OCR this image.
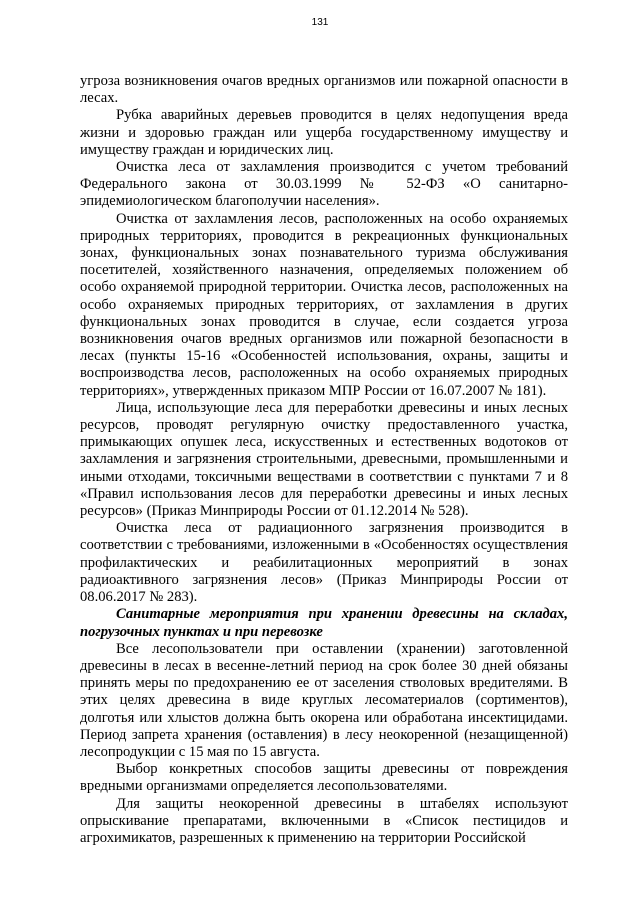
131

угроза возникновения очагов вредных организмов или пожарной опасности в лесах.

Рубка аварийных деревьев проводится в целях недопущения вреда жизни и здоровью граждан или ущерба государственному имуществу и имуществу граждан и юридических лиц.

Очистка леса от захламления производится с учетом требований Федерального закона от 30.03.1999 № 52-ФЗ «О санитарно-эпидемиологическом благополучии населения».

Очистка от захламления лесов, расположенных на особо охраняемых природных территориях, проводится в рекреационных функциональных зонах, функциональных зонах познавательного туризма обслуживания посетителей, хозяйственного назначения, определяемых положением об особо охраняемой природной территории. Очистка лесов, расположенных на особо охраняемых природных территориях, от захламления в других функциональных зонах проводится в случае, если создается угроза возникновения очагов вредных организмов или пожарной безопасности в лесах (пункты 15-16 «Особенностей использования, охраны, защиты и воспроизводства лесов, расположенных на особо охраняемых природных территориях», утвержденных приказом МПР России от 16.07.2007 № 181).

Лица, использующие леса для переработки древесины и иных лесных ресурсов, проводят регулярную очистку предоставленного участка, примыкающих опушек леса, искусственных и естественных водотоков от захламления и загрязнения строительными, древесными, промышленными и иными отходами, токсичными веществами в соответствии с пунктами 7 и 8 «Правил использования лесов для переработки древесины и иных лесных ресурсов» (Приказ Минприроды России от 01.12.2014 № 528).

Очистка леса от радиационного загрязнения производится в соответствии с требованиями, изложенными в «Особенностях осуществления профилактических и реабилитационных мероприятий в зонах радиоактивного загрязнения лесов» (Приказ Минприроды России от 08.06.2017 № 283).

Санитарные мероприятия при хранении древесины на складах, погрузочных пунктах и при перевозке

Все лесопользователи при оставлении (хранении) заготовленной древесины в лесах в весенне-летний период на срок более 30 дней обязаны принять меры по предохранению ее от заселения стволовых вредителями. В этих целях древесина в виде круглых лесоматериалов (сортиментов), долготья или хлыстов должна быть окорена или обработана инсектицидами. Период запрета хранения (оставления) в лесу неокоренной (незащищенной) лесопродукции с 15 мая по 15 августа.

Выбор конкретных способов защиты древесины от повреждения вредными организмами определяется лесопользователями.

Для защиты неокоренной древесины в штабелях используют опрыскивание препаратами, включенными в «Список пестицидов и агрохимикатов, разрешенных к применению на территории Российской
